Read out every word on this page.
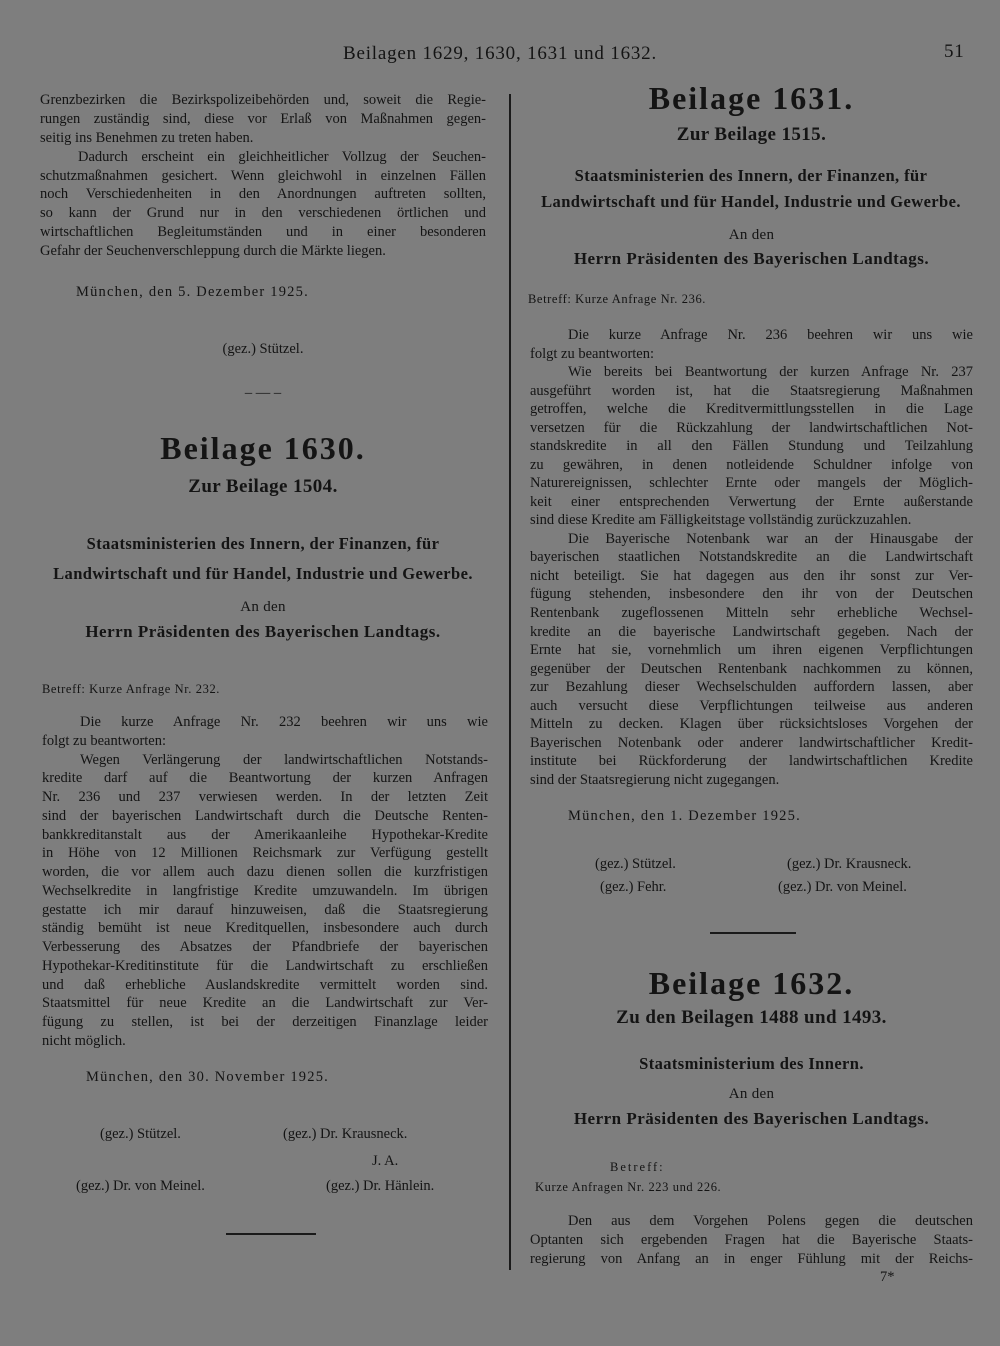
Beilagen 1629, 1630, 1631 und 1632.	51
Grenzbezirken die Bezirkspolizeibehörden und, soweit die Regie-
rungen zuständig sind, diese vor Erlaß von Maßnahmen gegen-
seitig ins Benehmen zu treten haben.
Dadurch erscheint ein gleichheitlicher Vollzug der Seuchen-
schutzmaßnahmen gesichert. Wenn gleichwohl in einzelnen Fällen
noch Verschiedenheiten in den Anordnungen auftreten sollten,
so kann der Grund nur in den verschiedenen örtlichen und
wirtschaftlichen Begleitumständen und in einer besonderen
Gefahr der Seuchenverschleppung durch die Märkte liegen.
München, den 5. Dezember 1925.
(gez.) Stützel.
– — –
Beilage 1630.
Zur Beilage 1504.
Staatsministerien des Innern, der Finanzen, für
Landwirtschaft und für Handel, Industrie und Gewerbe.
An den
Herrn Präsidenten des Bayerischen Landtags.
Betreff: Kurze Anfrage Nr. 232.
Die kurze Anfrage Nr. 232 beehren wir uns wie
folgt zu beantworten:
Wegen Verlängerung der landwirtschaftlichen Notstands-
kredite darf auf die Beantwortung der kurzen Anfragen
Nr. 236 und 237 verwiesen werden. In der letzten Zeit
sind der bayerischen Landwirtschaft durch die Deutsche Renten-
bankkreditanstalt aus der Amerikaanleihe Hypothekar-Kredite
in Höhe von 12 Millionen Reichsmark zur Verfügung gestellt
worden, die vor allem auch dazu dienen sollen die kurzfristigen
Wechselkredite in langfristige Kredite umzuwandeln. Im übrigen
gestatte ich mir darauf hinzuweisen, daß die Staatsregierung
ständig bemüht ist neue Kreditquellen, insbesondere auch durch
Verbesserung des Absatzes der Pfandbriefe der bayerischen
Hypothekar-Kreditinstitute für die Landwirtschaft zu erschließen
und daß erhebliche Auslandskredite vermittelt worden sind.
Staatsmittel für neue Kredite an die Landwirtschaft zur Ver-
fügung zu stellen, ist bei der derzeitigen Finanzlage leider
nicht möglich.
München, den 30. November 1925.
(gez.) Stützel.	(gez.) Dr. Krausneck.
J. A.
(gez.) Dr. von Meinel.	(gez.) Dr. Hänlein.
Beilage 1631.
Zur Beilage 1515.
Staatsministerien des Innern, der Finanzen, für
Landwirtschaft und für Handel, Industrie und Gewerbe.
An den
Herrn Präsidenten des Bayerischen Landtags.
Betreff: Kurze Anfrage Nr. 236.
Die kurze Anfrage Nr. 236 beehren wir uns wie
folgt zu beantworten:
Wie bereits bei Beantwortung der kurzen Anfrage Nr. 237
ausgeführt worden ist, hat die Staatsregierung Maßnahmen
getroffen, welche die Kreditvermittlungsstellen in die Lage
versetzen für die Rückzahlung der landwirtschaftlichen Not-
standskredite in all den Fällen Stundung und Teilzahlung
zu gewähren, in denen notleidende Schuldner infolge von
Naturereignissen, schlechter Ernte oder mangels der Möglich-
keit einer entsprechenden Verwertung der Ernte außerstande
sind diese Kredite am Fälligkeitstage vollständig zurückzuzahlen.
Die Bayerische Notenbank war an der Hinausgabe der
bayerischen staatlichen Notstandskredite an die Landwirtschaft
nicht beteiligt. Sie hat dagegen aus den ihr sonst zur Ver-
fügung stehenden, insbesondere den ihr von der Deutschen
Rentenbank zugeflossenen Mitteln sehr erhebliche Wechsel-
kredite an die bayerische Landwirtschaft gegeben. Nach der
Ernte hat sie, vornehmlich um ihren eigenen Verpflichtungen
gegenüber der Deutschen Rentenbank nachkommen zu können,
zur Bezahlung dieser Wechselschulden auffordern lassen, aber
auch versucht diese Verpflichtungen teilweise aus anderen
Mitteln zu decken. Klagen über rücksichtsloses Vorgehen der
Bayerischen Notenbank oder anderer landwirtschaftlicher Kredit-
institute bei Rückforderung der landwirtschaftlichen Kredite
sind der Staatsregierung nicht zugegangen.
München, den 1. Dezember 1925.
(gez.) Stützel.	(gez.) Dr. Krausneck.
(gez.) Fehr.	(gez.) Dr. von Meinel.
Beilage 1632.
Zu den Beilagen 1488 und 1493.
Staatsministerium des Innern.
An den
Herrn Präsidenten des Bayerischen Landtags.
Betreff:
Kurze Anfragen Nr. 223 und 226.
Den aus dem Vorgehen Polens gegen die deutschen
Optanten sich ergebenden Fragen hat die Bayerische Staats-
regierung von Anfang an in enger Fühlung mit der Reichs-
7*
